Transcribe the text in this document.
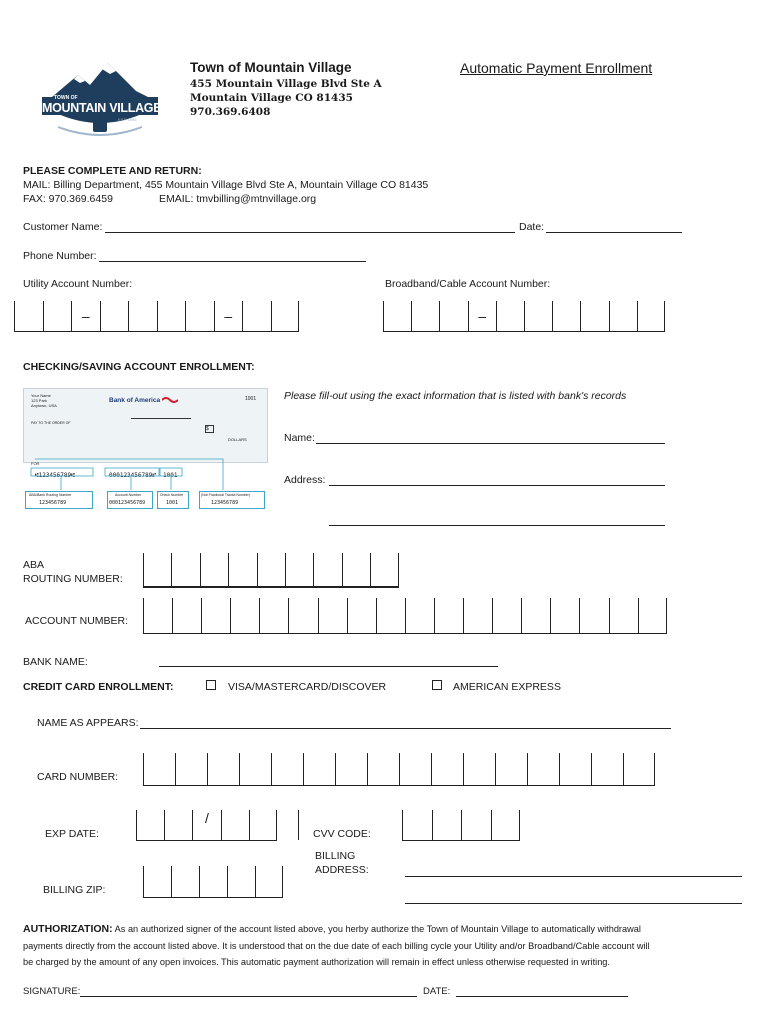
TOWN OF
MOUNTAIN VILLAGE
EST. 1995
Town of Mountain Village
455 Mountain Village Blvd Ste A
Mountain Village CO 81435
970.369.6408
Automatic Payment Enrollment
PLEASE COMPLETE AND RETURN:
MAIL: Billing Department, 455 Mountain Village Blvd Ste A, Mountain Village CO 81435
FAX: 970.369.6459	EMAIL: tmvbilling@mtnvillage.org
Customer Name:	Date:
Phone Number:
Utility Account Number:	Broadband/Cable Account Number:
–	–	–
CHECKING/SAVING ACCOUNT ENROLLMENT:
Your Name
123 Park
Anytown, USA
Bank of America	1001
PAY TO THE ORDER OF
$
DOLLARS
FOR
⑆123456789⑆	000123456789⑈ 1001
ABA/Bank Routing Number
123456789
Account Number
000123456789
Check Number
1001
(Not Fractional Transit Number)
123456789
Please fill-out using the exact information that is listed with bank's records
Name:
Address:
ABA
ROUTING NUMBER:
ACCOUNT NUMBER:
BANK NAME:
CREDIT CARD ENROLLMENT:	VISA/MASTERCARD/DISCOVER	AMERICAN EXPRESS
NAME AS APPEARS:
CARD NUMBER:
EXP DATE:
/
CVV CODE:
BILLING
ADDRESS:
BILLING ZIP:
AUTHORIZATION: As an authorized signer of the account listed above, you herby authorize the Town of Mountain Village to automatically withdrawal
payments directly from the account listed above. It is understood that on the due date of each billing cycle your Utility and/or Broadband/Cable account will
be charged by the amount of any open invoices. This automatic payment authorization will remain in effect unless otherwise requested in writing.
SIGNATURE:	DATE:
